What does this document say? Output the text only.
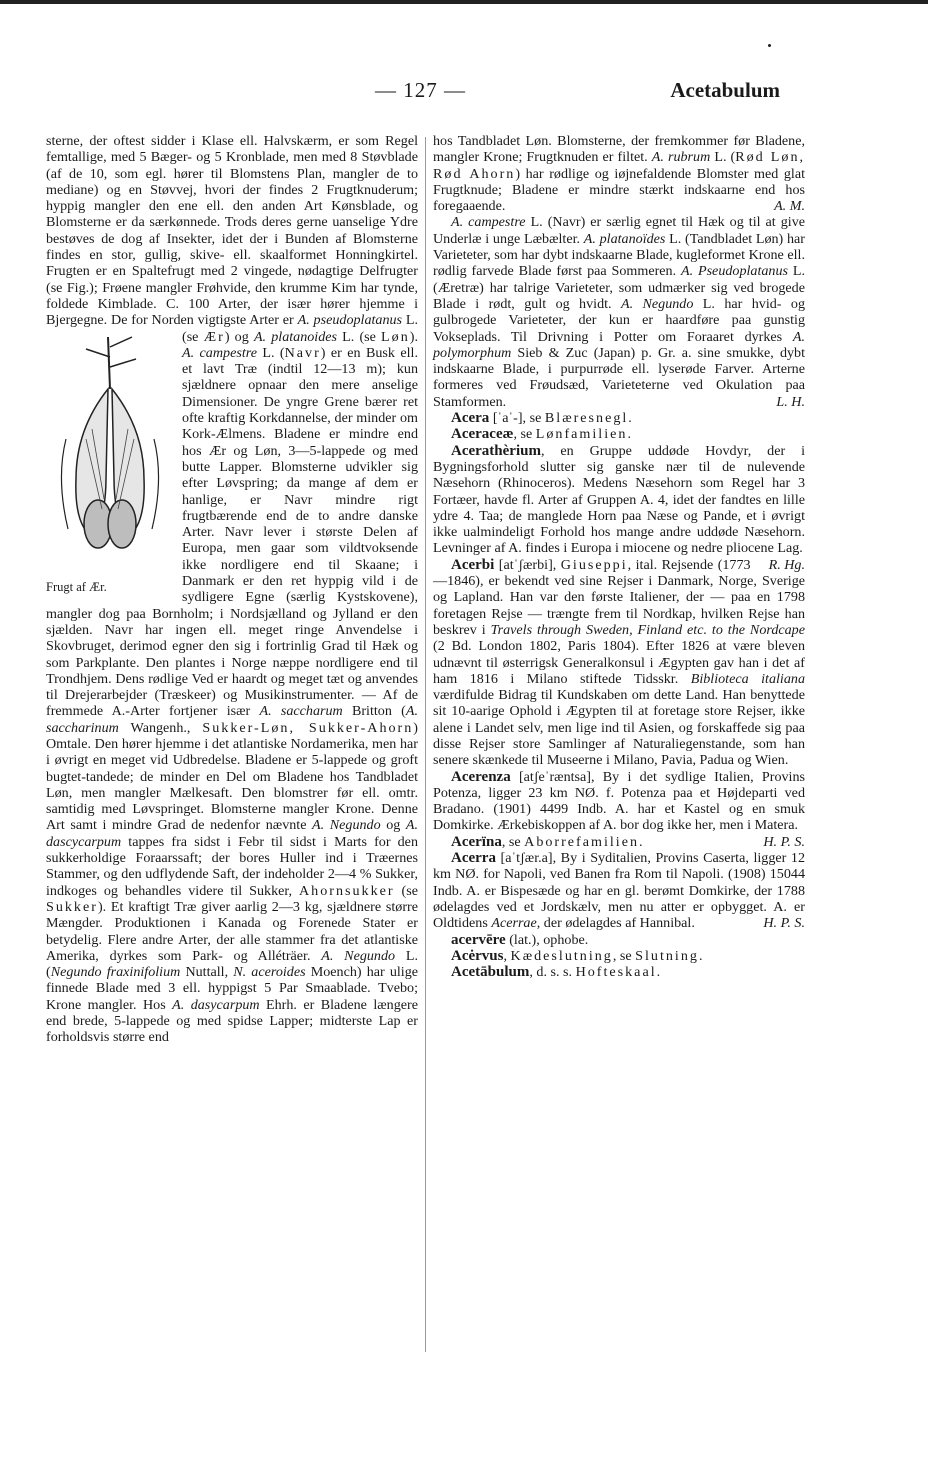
— 127 —	Acetabulum

sterne, der oftest sidder i Klase ell. Halvskærm, er som Regel femtallige, med 5 Bæger- og 5 Kronblade, men med 8 Støvblade (af de 10, som egl. hører til Blomstens Plan, mangler de to mediane) og en Støvvej, hvori der findes 2 Frugtknuderum; hyppig mangler den ene ell. den anden Art Kønsblade, og Blomsterne er da særkønnede. Trods deres gerne uanselige Ydre bestøves de dog af Insekter, idet der i Bunden af Blomsterne findes en stor, gullig, skive- ell. skaalformet Honningkirtel. Frugten er en Spaltefrugt med 2 vingede, nødagtige Delfrugter (se Fig.); Frøene mangler Frøhvide, den krumme Kim har tynde, foldede Kimblade. C. 100 Arter, der især hører hjemme i Bjergegne. De for Norden vigtigste Arter er
Frugt af Ær.
A. pseudoplatanus L. (se Ær) og A. platanoides L. (se Løn). A. campestre L. (Navr) er en Busk ell. et lavt Træ (indtil 12—13 m); kun sjældnere opnaar den mere anselige Dimensioner. De yngre Grene bærer ret ofte kraftig Korkdannelse, der minder om Kork-Ælmens. Bladene er mindre end hos Ær og Løn, 3—5-lappede og med butte Lapper. Blomsterne udvikler sig efter Løvspring; da mange af dem er hanlige, er Navr mindre rigt frugtbærende end de to andre danske Arter. Navr lever i største Delen af Europa, men gaar som vildtvoksende ikke nordligere end til Skaane; i Danmark er den ret hyppig vild i de sydligere Egne (særlig Kystskovene), mangler dog paa Bornholm; i Nordsjælland og Jylland er den sjælden. Navr har ingen ell. meget ringe Anvendelse i Skovbruget, derimod egner den sig i fortrinlig Grad til Hæk og som Parkplante. Den plantes i Norge næppe nordligere end til Trondhjem. Dens rødlige Ved er haardt og meget tæt og anvendes til Drejerarbejder (Træskeer) og Musikinstrumenter. — Af de fremmede A.-Arter fortjener især A. saccharum Britton (A. saccharinum Wangenh., Sukker-Løn, Sukker-Ahorn) Omtale. Den hører hjemme i det atlantiske Nordamerika, men har i øvrigt en meget vid Udbredelse. Bladene er 5-lappede og groft bugtet-tandede; de minder en Del om Bladene hos Tandbladet Løn, men mangler Mælkesaft. Den blomstrer før ell. omtr. samtidig med Løvspringet. Blomsterne mangler Krone. Denne Art samt i mindre Grad de nedenfor nævnte A. Negundo og A. dascycarpum tappes fra sidst i Febr til sidst i Marts for den sukkerholdige Foraarssaft; der bores Huller ind i Træernes Stammer, og den udflydende Saft, der indeholder 2—4 % Sukker, indkoges og behandles videre til Sukker, Ahornsukker (se Sukker). Et kraftigt Træ giver aarlig 2—3 kg, sjældnere større Mængder. Produktionen i Kanada og Forenede Stater er betydelig. Flere andre Arter, der alle stammer fra det atlantiske Amerika, dyrkes som Park- og Alléträer. A. Negundo L. (Negundo fraxinifolium Nuttall, N. aceroides Moench) har ulige finnede Blade med 3 ell. hyppigst 5 Par Smaablade. Tvebo; Krone mangler. Hos A. dasycarpum Ehrh. er Bladene længere end brede, 5-lappede og med spidse Lapper; midterste Lap er forholdsvis større end

hos Tandbladet Løn. Blomsterne, der fremkommer før Bladene, mangler Krone; Frugtknuden er filtet. A. rubrum L. (Rød Løn, Rød Ahorn) har rødlige og iøjnefaldende Blomster med glat Frugtknude; Bladene er mindre stærkt indskaarne end hos foregaaende.	A. M.

A. campestre L. (Navr) er særlig egnet til Hæk og til at give Underlæ i unge Læbælter. A. platanoïdes L. (Tandbladet Løn) har Varieteter, som har dybt indskaarne Blade, kugleformet Krone ell. rødlig farvede Blade først paa Sommeren. A. Pseudoplatanus L. (Æretræ) har talrige Varieteter, som udmærker sig ved brogede Blade i rødt, gult og hvidt. A. Negundo L. har hvid- og gulbrogede Varieteter, der kun er haardføre paa gunstig Vokseplads. Til Drivning i Potter om Foraaret dyrkes A. polymorphum Sieb & Zuc (Japan) p. Gr. a. sine smukke, dybt indskaarne Blade, i purpurrøde ell. lyserøde Farver. Arterne formeres ved Frøudsæd, Varieteterne ved Okulation paa Stamformen.	L. H.

Acera [ˈaˈ-], se Blæresnegl.

Aceraceæ, se Lønfamilien.

Acerathèrium, en Gruppe uddøde Hovdyr, der i Bygningsforhold slutter sig ganske nær til de nulevende Næsehorn (Rhinoceros). Medens Næsehorn som Regel har 3 Fortæer, havde fl. Arter af Gruppen A. 4, idet der fandtes en lille ydre 4. Taa; de manglede Horn paa Næse og Pande, et i øvrigt ikke ualmindeligt Forhold hos mange andre uddøde Næsehorn. Levninger af A. findes i Europa i miocene og nedre pliocene Lag.
R. Hg.

Acerbi [atˈʃærbi], Giuseppi, ital. Rejsende (1773—1846), er bekendt ved sine Rejser i Danmark, Norge, Sverige og Lapland. Han var den første Italiener, der — paa en 1798 foretagen Rejse — trængte frem til Nordkap, hvilken Rejse han beskrev i Travels through Sweden, Finland etc. to the Nordcape (2 Bd. London 1802, Paris 1804). Efter 1826 at være bleven udnævnt til østerrigsk Generalkonsul i Ægypten gav han i det af ham 1816 i Milano stiftede Tidsskr. Biblioteca italiana værdifulde Bidrag til Kundskaben om dette Land. Han benyttede sit 10-aarige Ophold i Ægypten til at foretage store Rejser, ikke alene i Landet selv, men lige ind til Asien, og forskaffede sig paa disse Rejser store Samlinger af Naturaliegenstande, som han senere skænkede til Museerne i Milano, Pavia, Padua og Wien.

Acerenza [atʃeˈræntsa], By i det sydlige Italien, Provins Potenza, ligger 23 km NØ. f. Potenza paa et Højdeparti ved Bradano. (1901) 4499 Indb. A. har et Kastel og en smuk Domkirke. Ærkebiskoppen af A. bor dog ikke her, men i Matera.
H. P. S.

Acerïna, se Aborrefamilien.

Acerra [aˈtʃær.a], By i Syditalien, Provins Caserta, ligger 12 km NØ. for Napoli, ved Banen fra Rom til Napoli. (1908) 15044 Indb. A. er Bispesæde og har en gl. berømt Domkirke, der 1788 ødelagdes ved et Jordskælv, men nu atter er opbygget. A. er Oldtidens Acerrae, der ødelagdes af Hannibal.	H. P. S.

acervēre (lat.), ophobe.

Acėrvus, Kædeslutning, se Slutning.

Acetābulum, d. s. s. Hofteskaal.
